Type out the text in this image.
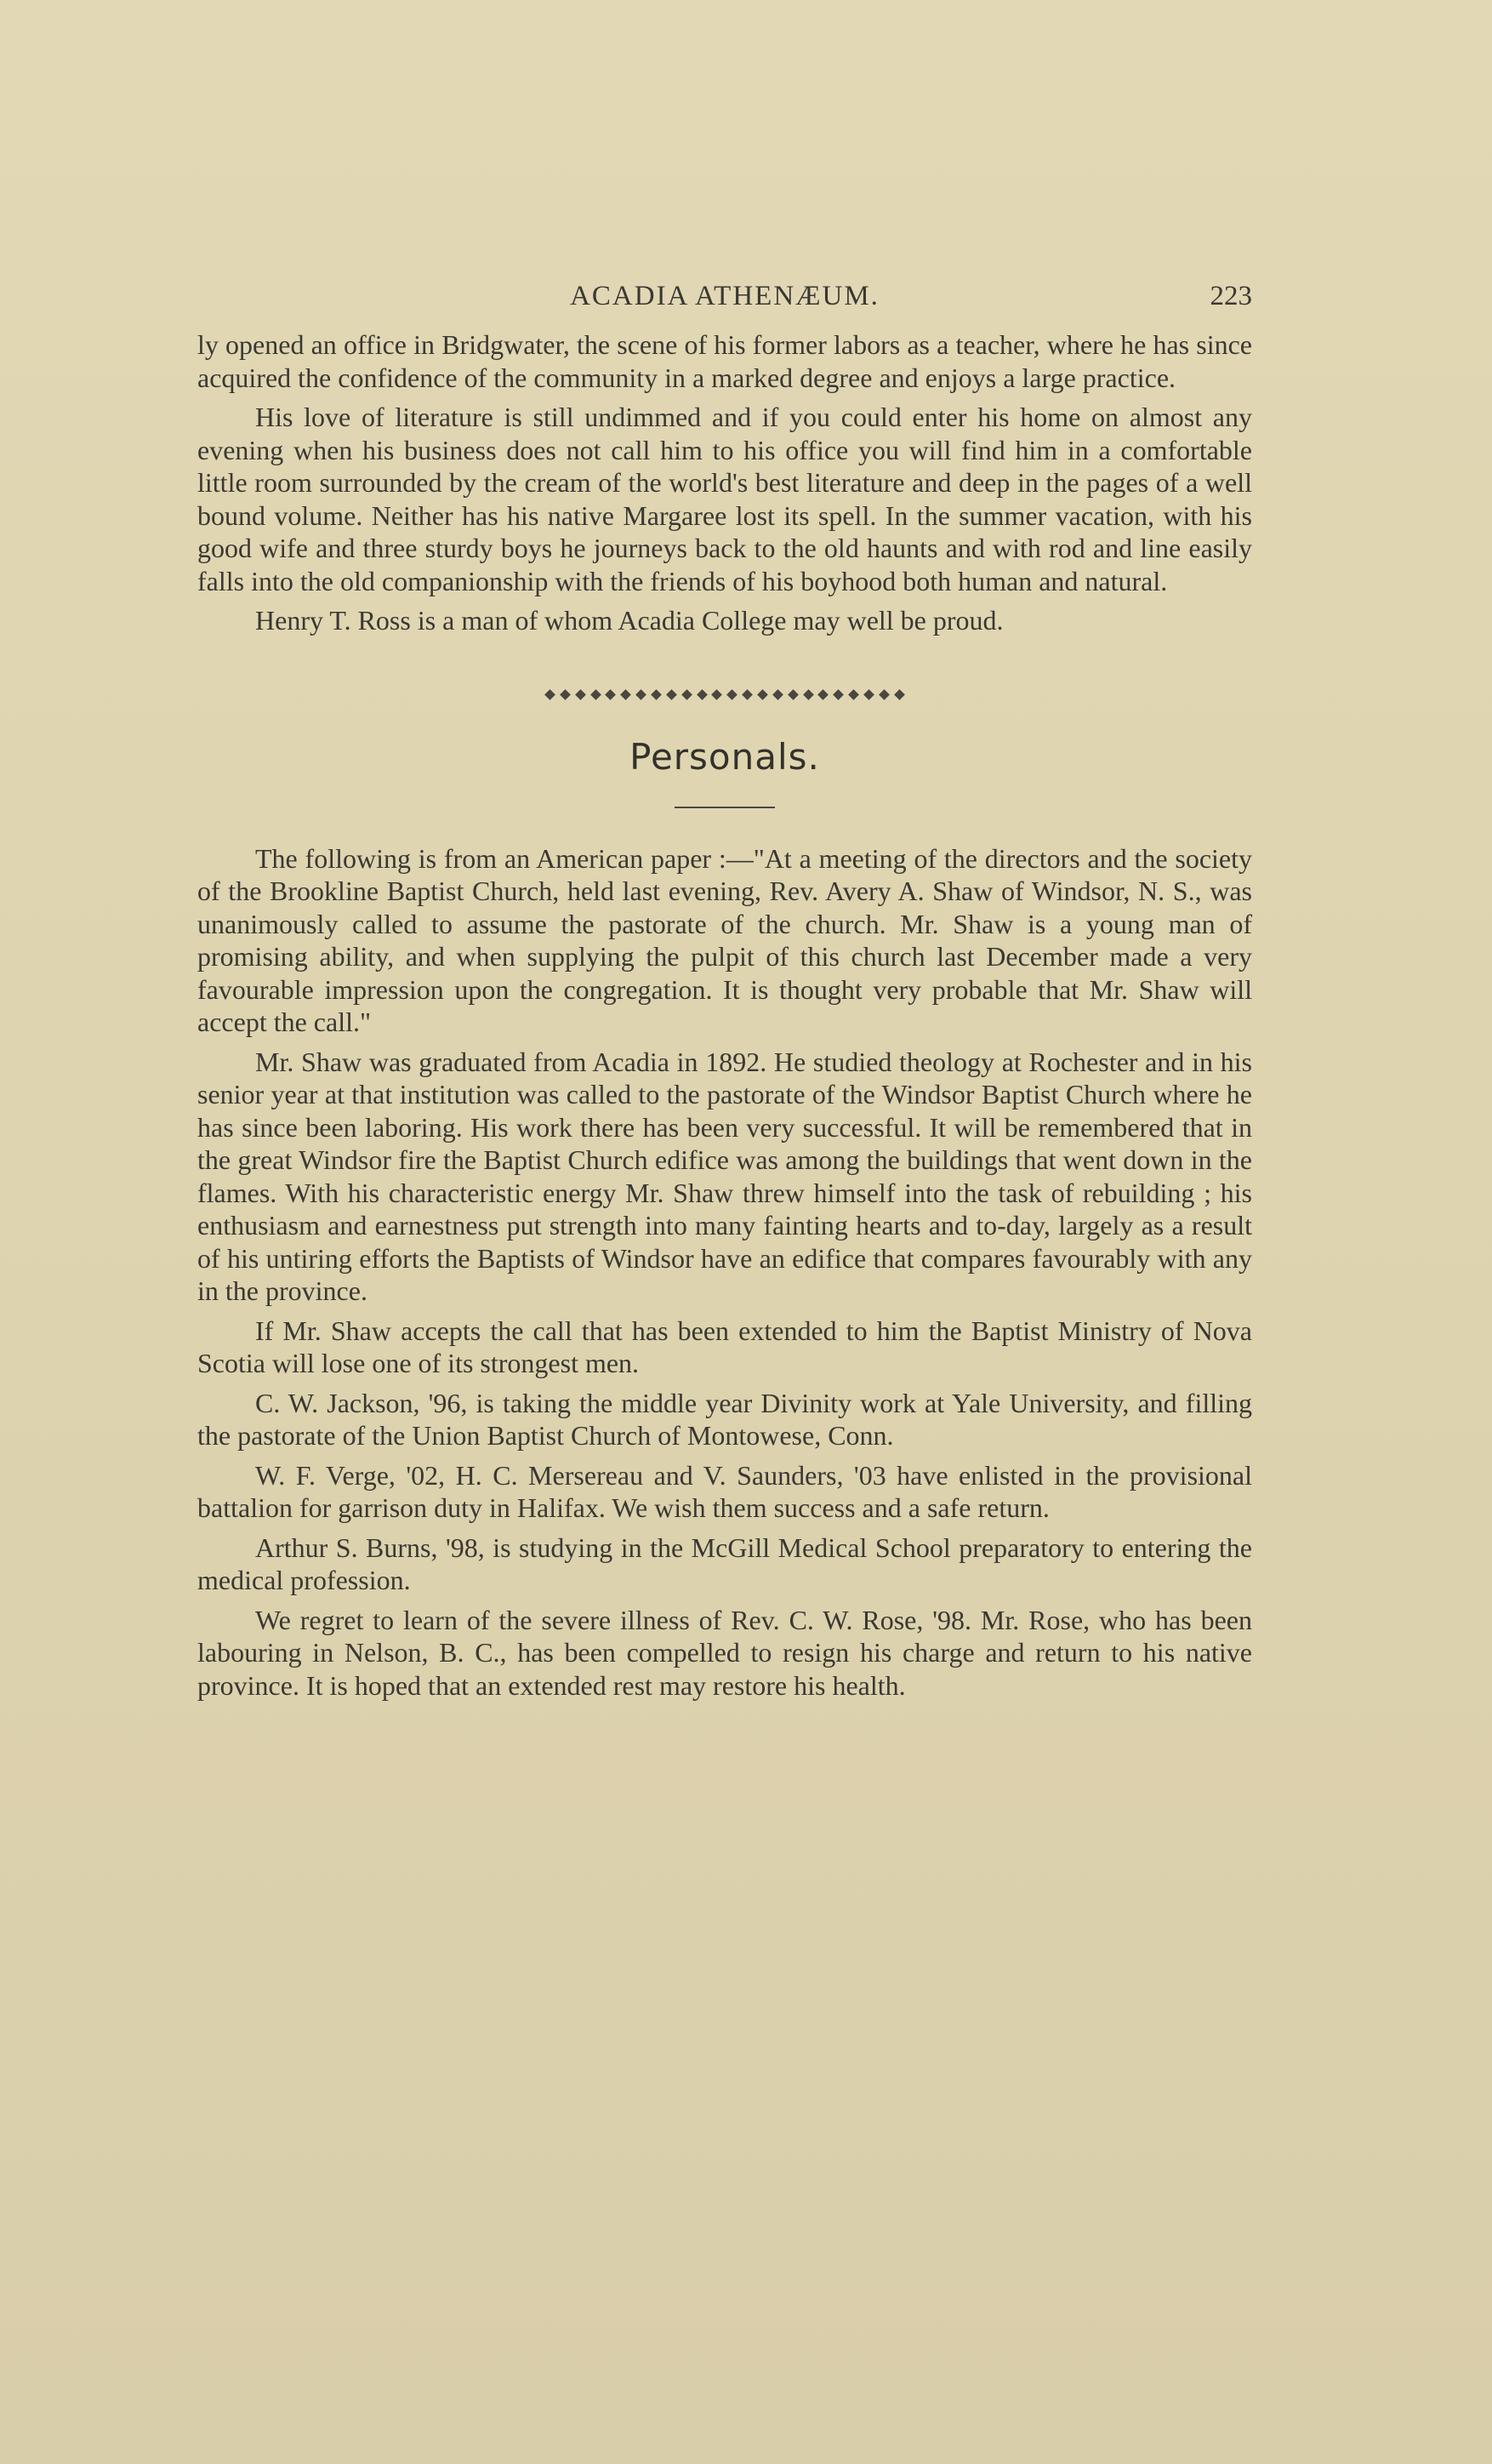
ACADIA ATHENÆUM.	223

ly opened an office in Bridgwater, the scene of his former labors as a teacher, where he has since acquired the confidence of the community in a marked degree and enjoys a large practice.

His love of literature is still undimmed and if you could enter his home on almost any evening when his business does not call him to his office you will find him in a comfortable little room surrounded by the cream of the world's best literature and deep in the pages of a well bound volume. Neither has his native Margaree lost its spell. In the summer vacation, with his good wife and three sturdy boys he journeys back to the old haunts and with rod and line easily falls into the old companionship with the friends of his boyhood both human and natural.

Henry T. Ross is a man of whom Acadia College may well be proud.

Personals.

The following is from an American paper :—"At a meeting of the directors and the society of the Brookline Baptist Church, held last evening, Rev. Avery A. Shaw of Windsor, N. S., was unanimously called to assume the pastorate of the church. Mr. Shaw is a young man of promising ability, and when supplying the pulpit of this church last December made a very favourable impression upon the congregation. It is thought very probable that Mr. Shaw will accept the call."

Mr. Shaw was graduated from Acadia in 1892. He studied theology at Rochester and in his senior year at that institution was called to the pastorate of the Windsor Baptist Church where he has since been laboring. His work there has been very successful. It will be remembered that in the great Windsor fire the Baptist Church edifice was among the buildings that went down in the flames. With his characteristic energy Mr. Shaw threw himself into the task of rebuilding ; his enthusiasm and earnestness put strength into many fainting hearts and to-day, largely as a result of his untiring efforts the Baptists of Windsor have an edifice that compares favourably with any in the province.

If Mr. Shaw accepts the call that has been extended to him the Baptist Ministry of Nova Scotia will lose one of its strongest men.

C. W. Jackson, '96, is taking the middle year Divinity work at Yale University, and filling the pastorate of the Union Baptist Church of Montowese, Conn.

W. F. Verge, '02, H. C. Mersereau and V. Saunders, '03 have enlisted in the provisional battalion for garrison duty in Halifax. We wish them success and a safe return.

Arthur S. Burns, '98, is studying in the McGill Medical School preparatory to entering the medical profession.

We regret to learn of the severe illness of Rev. C. W. Rose, '98. Mr. Rose, who has been labouring in Nelson, B. C., has been compelled to resign his charge and return to his native province. It is hoped that an extended rest may restore his health.
